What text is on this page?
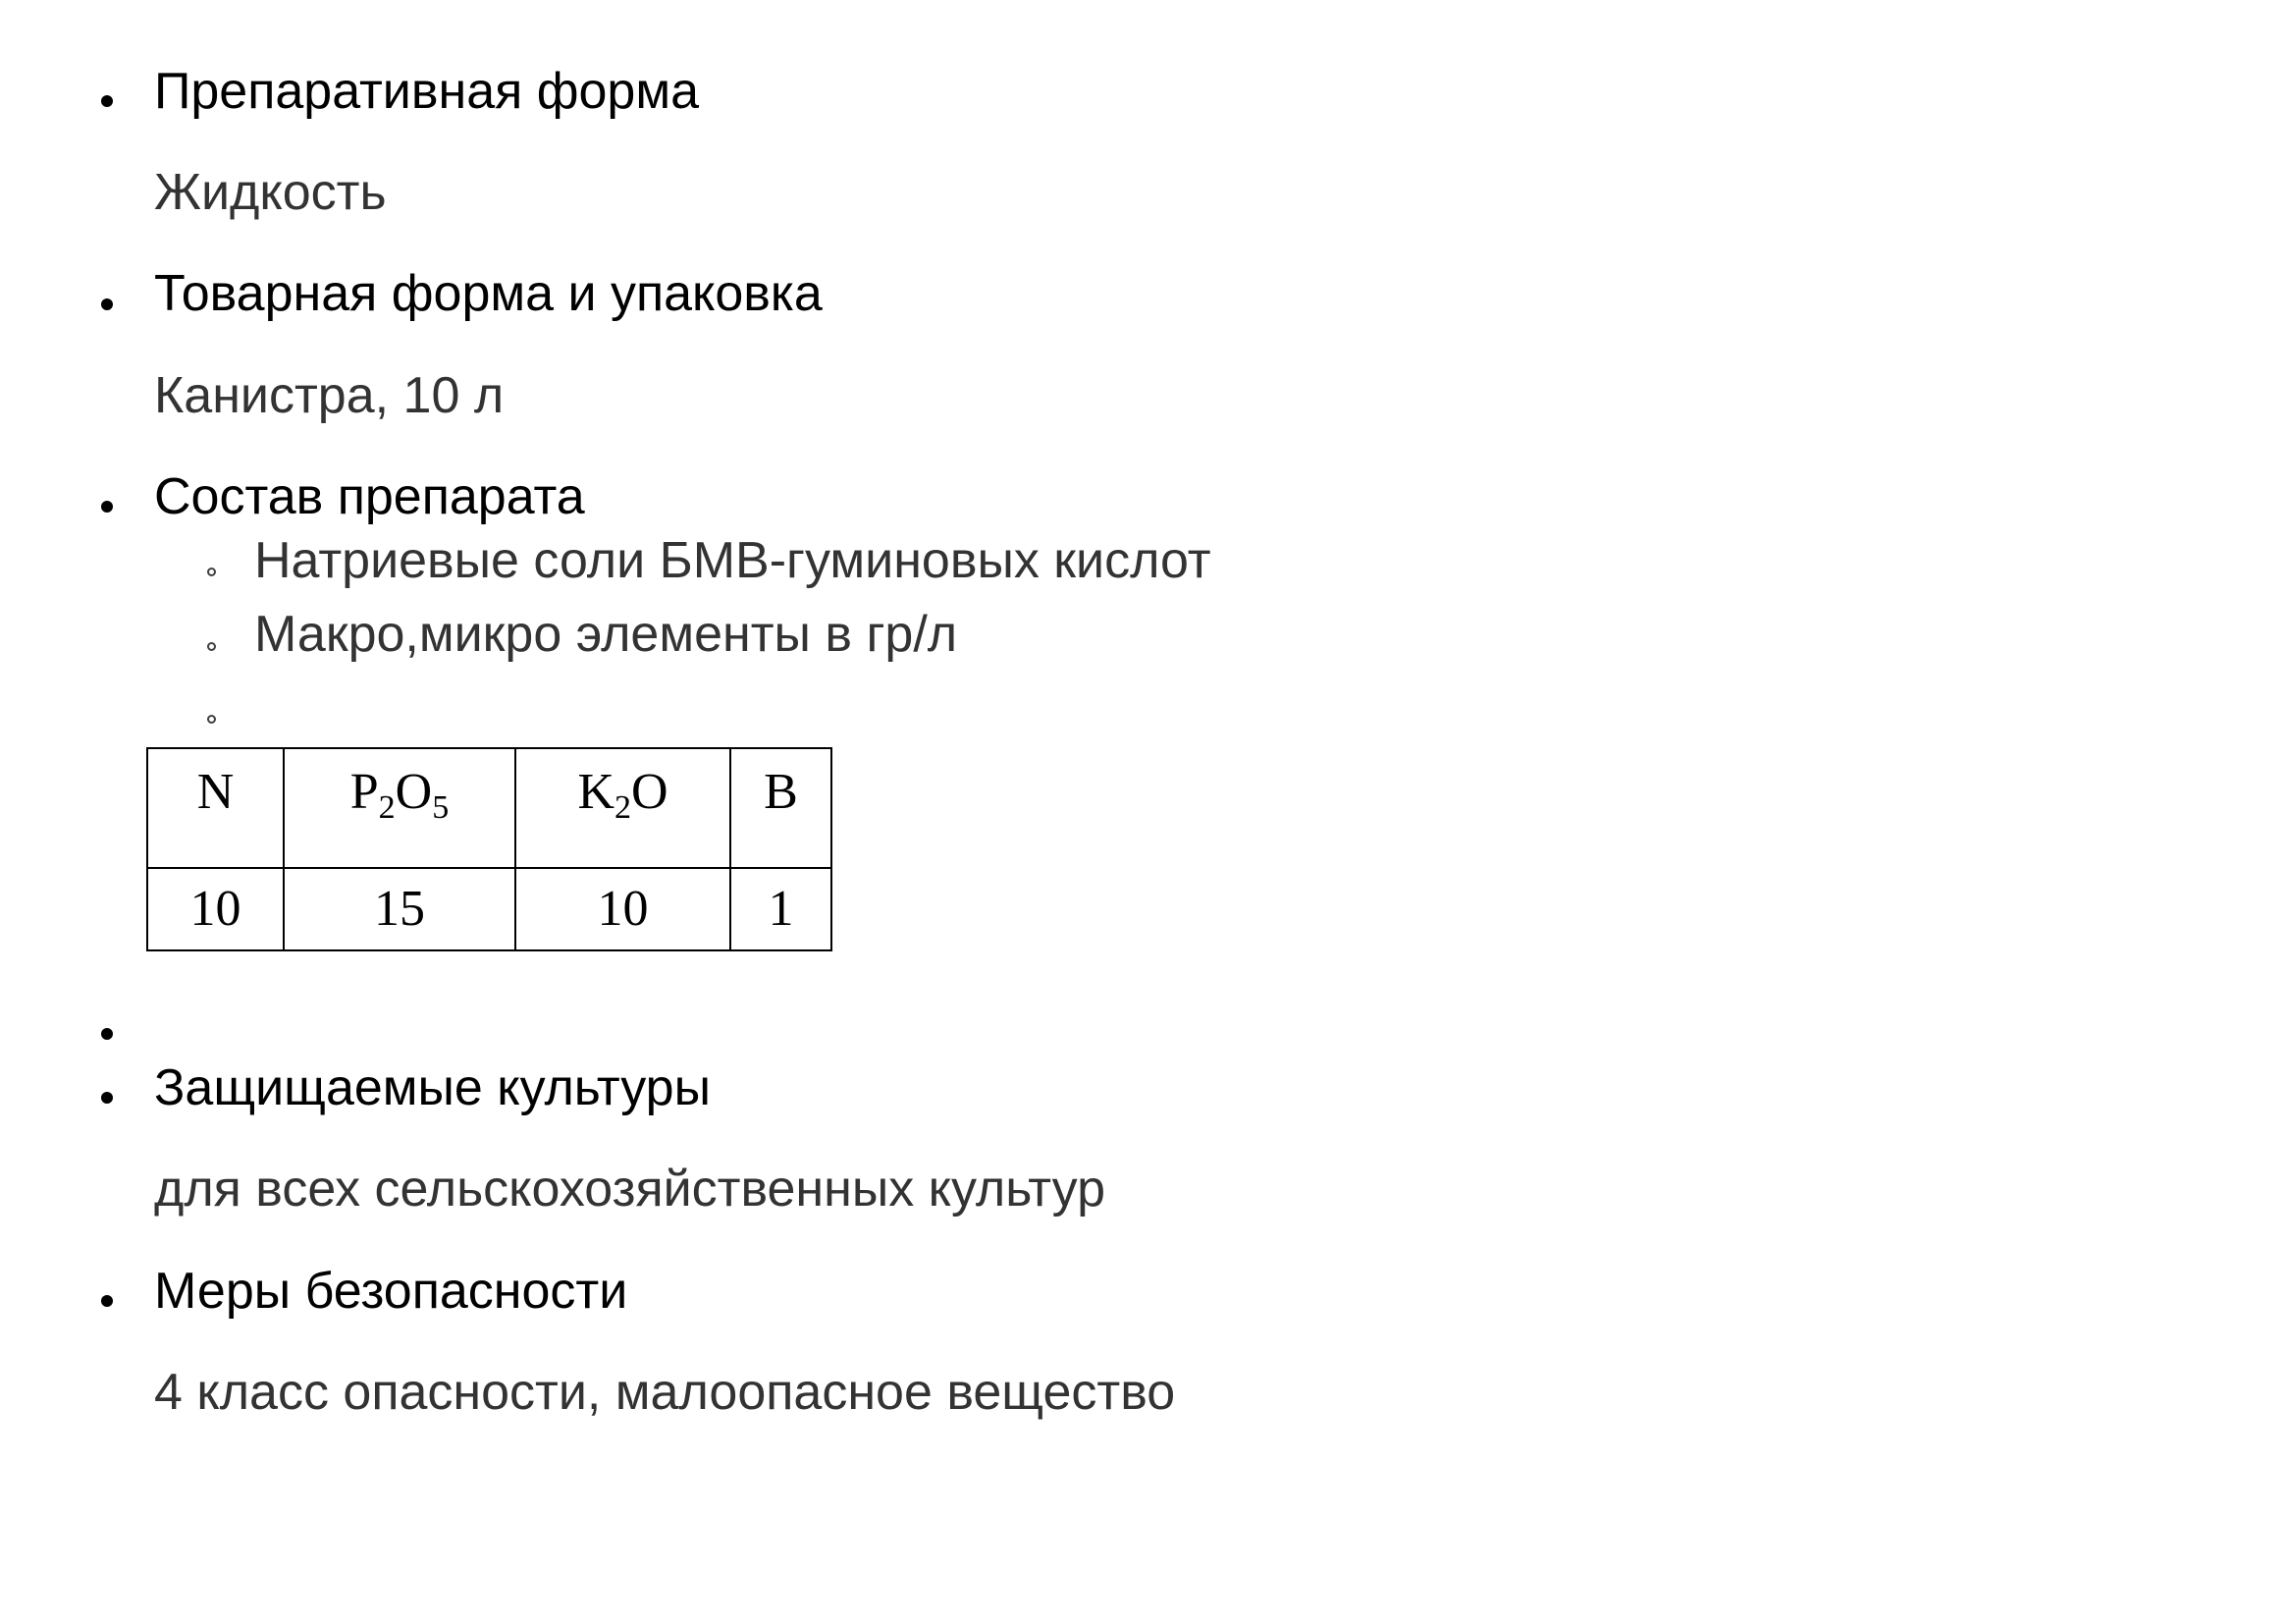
Препаративная форма
Жидкость
Товарная форма и упаковка
Канистра, 10 л
Состав препарата
Натриевые соли БМВ-гуминовых кислот
Макро,микро элементы в гр/л
N	P2O5	K2O	B
10	15	10	1
Защищаемые культуры
для всех сельскохозяйственных культур
Меры безопасности
4 класс опасности, малоопасное вещество
